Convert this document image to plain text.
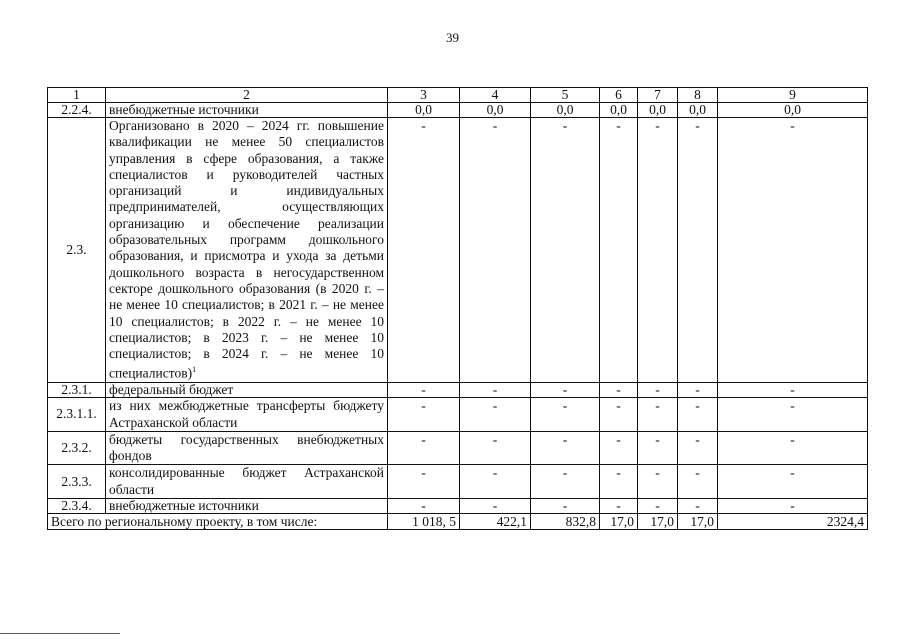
39
1	2	3	4	5	6	7	8	9
2.2.4.	внебюджетные источники	0,0	0,0	0,0	0,0	0,0	0,0	0,0
2.3.	Организовано в 2020 – 2024 гг. повышение квалификации не менее 50 специалистов управления в сфере образования, а также специалистов и руководителей частных организаций и индивидуальных предпринимателей, осуществляющих организацию и обеспечение реализации образовательных программ дошкольного образования, и присмотра и ухода за детьми дошкольного возраста в негосударственном секторе дошкольного образования (в 2020 г. – не менее 10 специалистов; в 2021 г. – не менее 10 специалистов; в 2022 г. – не менее 10 специалистов; в 2023 г. – не менее 10 специалистов; в 2024 г. – не менее 10 специалистов)$^1$	-	-	-	-	-	-	-
2.3.1.	федеральный бюджет	-	-	-	-	-	-	-
2.3.1.1.	из них межбюджетные трансферты бюджету Астраханской области	-	-	-	-	-	-	-
2.3.2.	бюджеты государственных внебюджетных фондов	-	-	-	-	-	-	-
2.3.3.	консолидированные бюджет Астраханской области	-	-	-	-	-	-	-
2.3.4.	внебюджетные источники	-	-	-	-	-	-	-
Всего по региональному проекту, в том числе:		1 018, 5	422,1	832,8	17,0	17,0	17,0	2324,4
